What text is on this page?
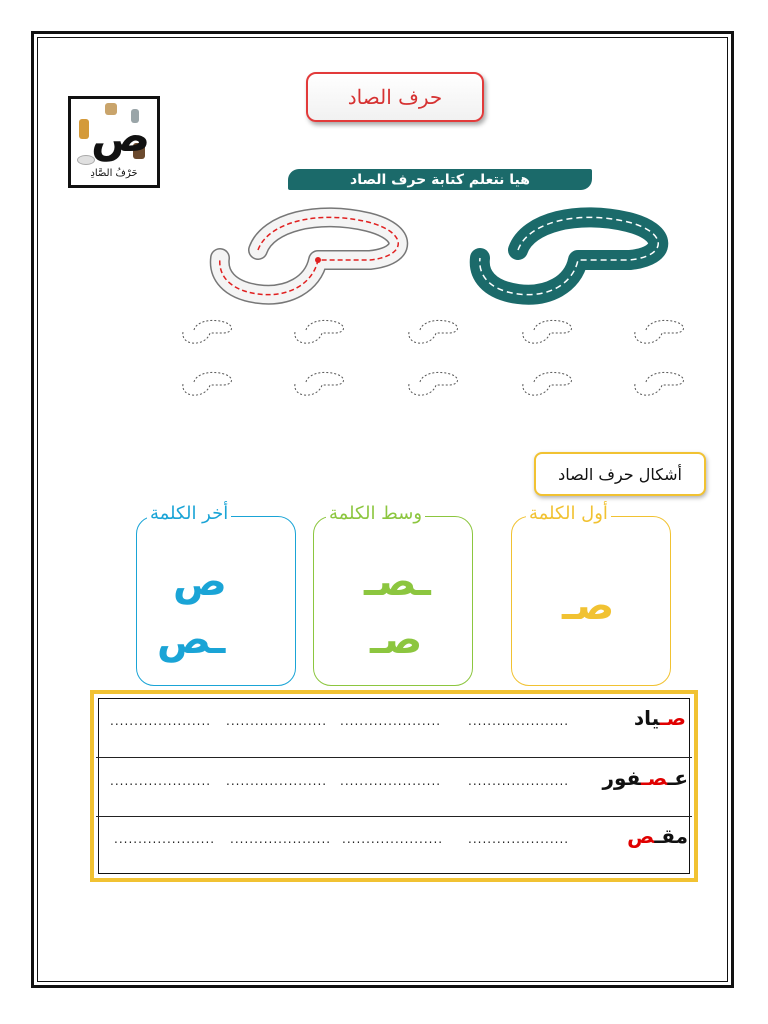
ص
حَرْفُ الصَّادِ
حرف الصاد
هيا نتعلم كتابة حرف الصاد
أشكال حرف الصاد
أول الكلمة
صـ
وسط الكلمة
ـصـ
صـ
أخر الكلمة
ص
ـص
صـياد
.....................
.....................
.....................
.....................
عـصـفور
.....................
.....................
.....................
.....................
مقـص
.....................
.....................
.....................
.....................
